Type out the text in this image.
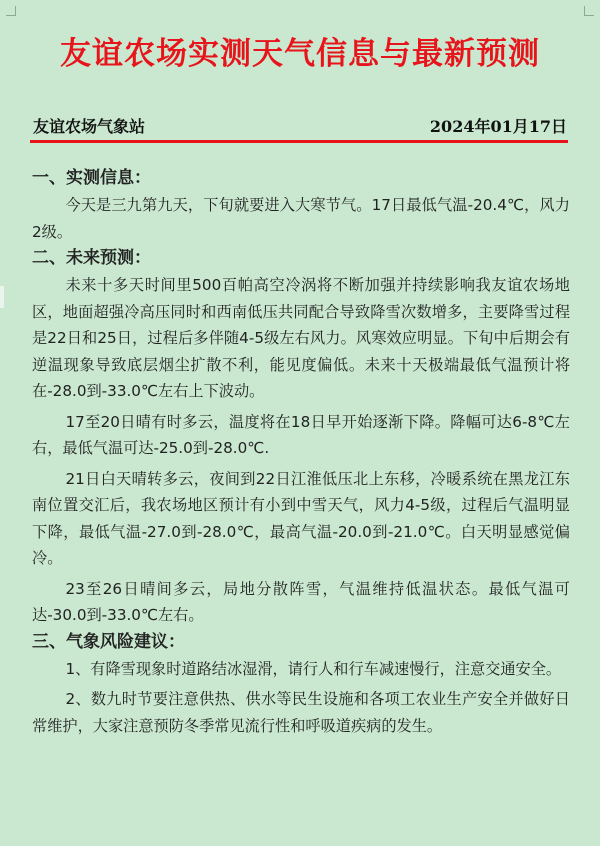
友谊农场实测天气信息与最新预测
友谊农场气象站	2024年01月17日

一、实测信息：

今天是三九第九天，下旬就要进入大寒节气。17日最低气温-20.4℃，风力2级。

二、未来预测：

未来十多天时间里500百帕高空冷涡将不断加强并持续影响我友谊农场地区，地面超强冷高压同时和西南低压共同配合导致降雪次数增多，主要降雪过程是22日和25日，过程后多伴随4-5级左右风力。风寒效应明显。下旬中后期会有逆温现象导致底层烟尘扩散不利，能见度偏低。未来十天极端最低气温预计将在-28.0到-33.0℃左右上下波动。

17至20日晴有时多云，温度将在18日早开始逐渐下降。降幅可达6-8℃左右，最低气温可达-25.0到-28.0℃.

21日白天晴转多云，夜间到22日江淮低压北上东移，冷暖系统在黑龙江东南位置交汇后，我农场地区预计有小到中雪天气，风力4-5级，过程后气温明显下降，最低气温-27.0到-28.0℃，最高气温-20.0到-21.0℃。白天明显感觉偏冷。

23至26日晴间多云，局地分散阵雪，气温维持低温状态。最低气温可达-30.0到-33.0℃左右。

三、气象风险建议：

1、有降雪现象时道路结冰湿滑，请行人和行车减速慢行，注意交通安全。

2、数九时节要注意供热、供水等民生设施和各项工农业生产安全并做好日常维护，大家注意预防冬季常见流行性和呼吸道疾病的发生。
